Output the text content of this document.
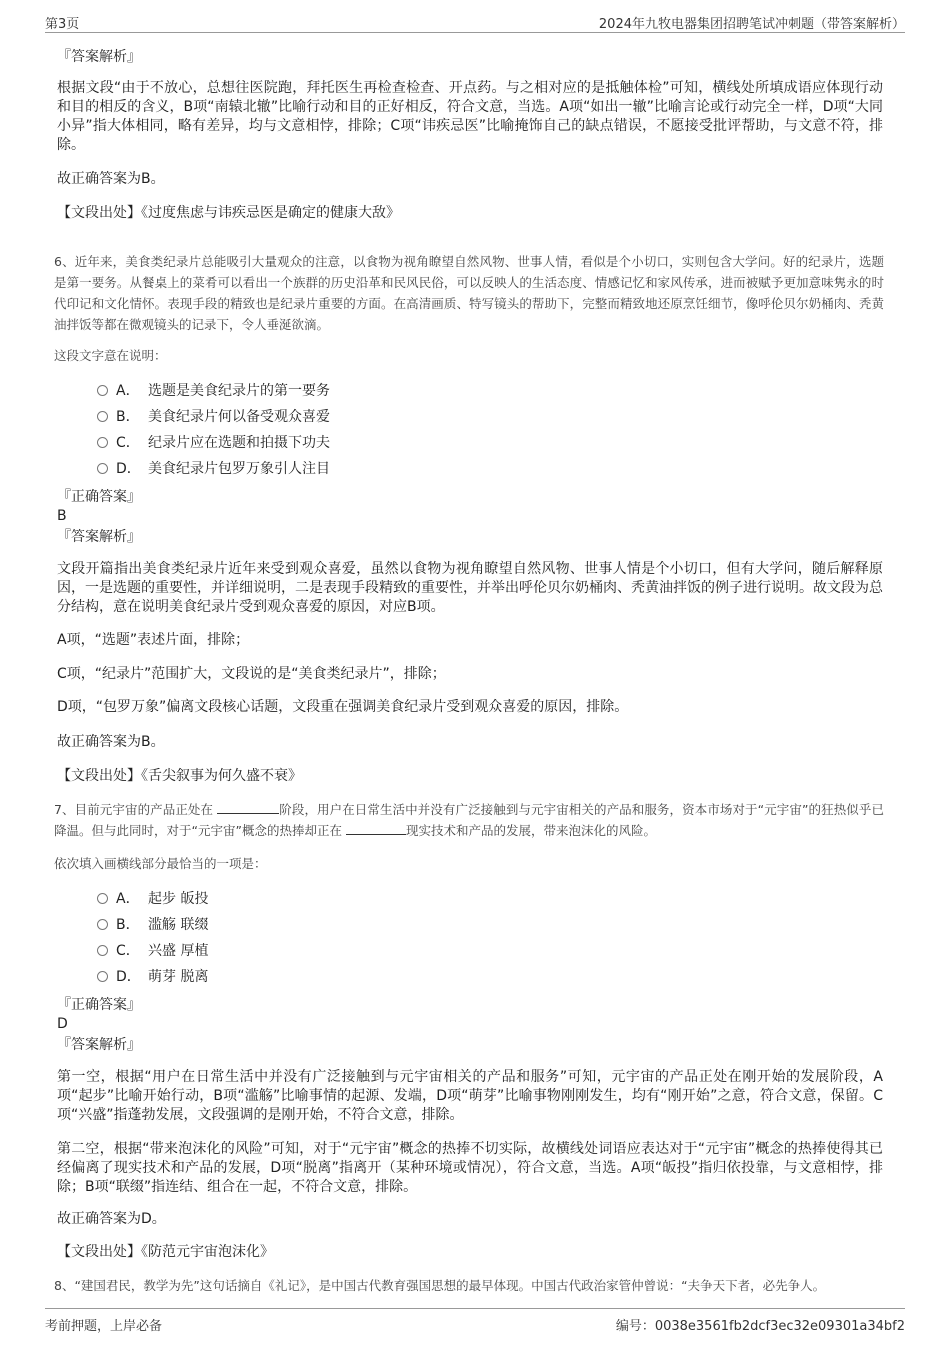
第3页	2024年九牧电器集团招聘笔试冲刺题（带答案解析）
『答案解析』
根据文段“由于不放心，总想往医院跑，拜托医生再检查检查、开点药。与之相对应的是抵触体检”可知，横线处所填成语应体现行动和目的相反的含义，B项“南辕北辙”比喻行动和目的正好相反，符合文意，当选。A项“如出一辙”比喻言论或行动完全一样，D项“大同小异”指大体相同，略有差异，均与文意相悖，排除；C项“讳疾忌医”比喻掩饰自己的缺点错误，不愿接受批评帮助，与文意不符，排除。
故正确答案为B。
【文段出处】《过度焦虑与讳疾忌医是确定的健康大敌》
6、近年来，美食类纪录片总能吸引大量观众的注意，以食物为视角瞭望自然风物、世事人情，看似是个小切口，实则包含大学问。好的纪录片，选题是第一要务。从餐桌上的菜肴可以看出一个族群的历史沿革和民风民俗，可以反映人的生活态度、情感记忆和家风传承，进而被赋予更加意味隽永的时代印记和文化情怀。表现手段的精致也是纪录片重要的方面。在高清画质、特写镜头的帮助下，完整而精致地还原烹饪细节，像呼伦贝尔奶桶肉、秃黄油拌饭等都在微观镜头的记录下，令人垂涎欲滴。
这段文字意在说明：
A． 选题是美食纪录片的第一要务
B． 美食纪录片何以备受观众喜爱
C． 纪录片应在选题和拍摄下功夫
D． 美食纪录片包罗万象引人注目
『正确答案』
B
『答案解析』
文段开篇指出美食类纪录片近年来受到观众喜爱，虽然以食物为视角瞭望自然风物、世事人情是个小切口，但有大学问，随后解释原因，一是选题的重要性，并详细说明，二是表现手段精致的重要性，并举出呼伦贝尔奶桶肉、秃黄油拌饭的例子进行说明。故文段为总分结构，意在说明美食纪录片受到观众喜爱的原因，对应B项。
A项，“选题”表述片面，排除；
C项，“纪录片”范围扩大，文段说的是“美食类纪录片”，排除；
D项，“包罗万象”偏离文段核心话题，文段重在强调美食纪录片受到观众喜爱的原因，排除。
故正确答案为B。
【文段出处】《舌尖叙事为何久盛不衰》
7、目前元宇宙的产品正处在	阶段，用户在日常生活中并没有广泛接触到与元宇宙相关的产品和服务，资本市场对于“元宇宙”的狂热似乎已降温。但与此同时，对于“元宇宙”概念的热捧却正在	现实技术和产品的发展，带来泡沫化的风险。
依次填入画横线部分最恰当的一项是：
A． 起步 皈投
B． 滥觞 联缀
C． 兴盛 厚植
D． 萌芽 脱离
『正确答案』
D
『答案解析』
第一空，根据“用户在日常生活中并没有广泛接触到与元宇宙相关的产品和服务”可知，元宇宙的产品正处在刚开始的发展阶段，A项“起步”比喻开始行动，B项“滥觞”比喻事情的起源、发端，D项“萌芽”比喻事物刚刚发生，均有“刚开始”之意，符合文意，保留。C项“兴盛”指蓬勃发展，文段强调的是刚开始，不符合文意，排除。
第二空，根据“带来泡沫化的风险”可知，对于“元宇宙”概念的热捧不切实际，故横线处词语应表达对于“元宇宙”概念的热捧使得其已经偏离了现实技术和产品的发展，D项“脱离”指离开（某种环境或情况），符合文意，当选。A项“皈投”指归依投靠，与文意相悖，排除；B项“联缀”指连结、组合在一起，不符合文意，排除。
故正确答案为D。
【文段出处】《防范元宇宙泡沫化》
8、“建国君民，教学为先”这句话摘自《礼记》，是中国古代教育强国思想的最早体现。中国古代政治家管仲曾说：“夫争天下者，必先争人。
考前押题，上岸必备	编号：0038e3561fb2dcf3ec32e09301a34bf2
